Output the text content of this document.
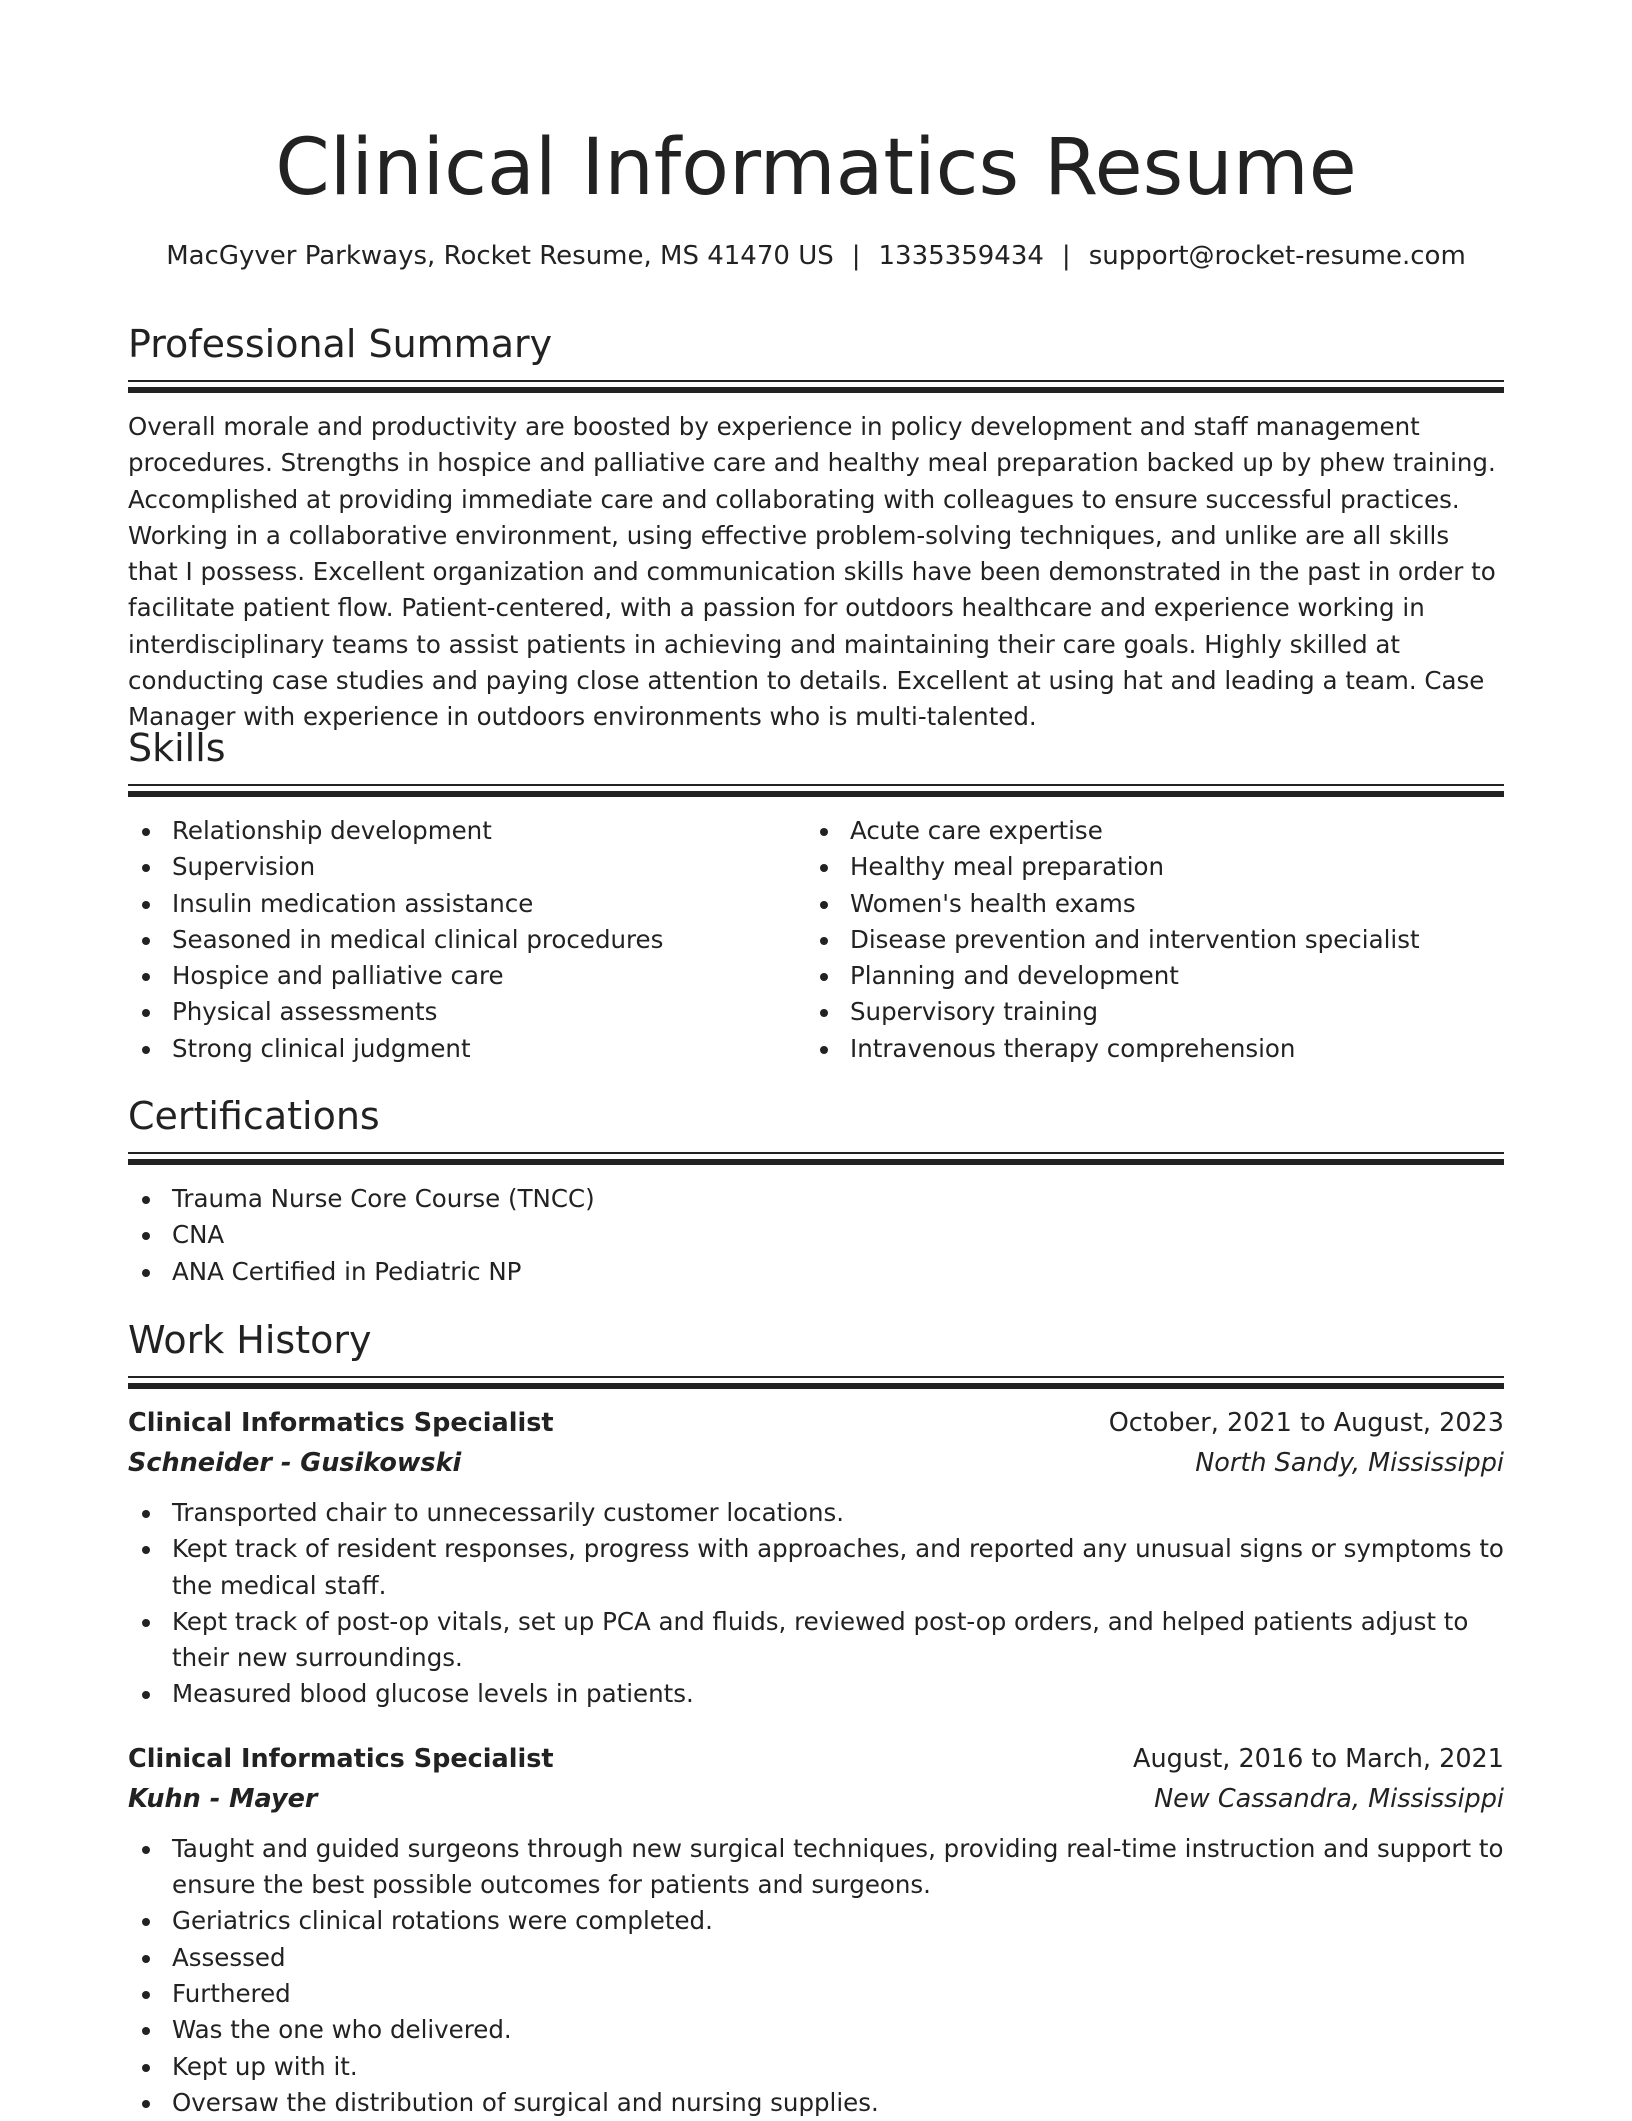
Clinical Informatics Resume
MacGyver Parkways, Rocket Resume, MS 41470 US | 1335359434 | support@rocket-resume.com
Professional Summary
Overall morale and productivity are boosted by experience in policy development and staff management procedures. Strengths in hospice and palliative care and healthy meal preparation backed up by phew training. Accomplished at providing immediate care and collaborating with colleagues to ensure successful practices. Working in a collaborative environment, using effective problem-solving techniques, and unlike are all skills that I possess. Excellent organization and communication skills have been demonstrated in the past in order to facilitate patient flow. Patient-centered, with a passion for outdoors healthcare and experience working in interdisciplinary teams to assist patients in achieving and maintaining their care goals. Highly skilled at conducting case studies and paying close attention to details. Excellent at using hat and leading a team. Case Manager with experience in outdoors environments who is multi-talented.
Skills
Relationship development
Supervision
Insulin medication assistance
Seasoned in medical clinical procedures
Hospice and palliative care
Physical assessments
Strong clinical judgment
Acute care expertise
Healthy meal preparation
Women's health exams
Disease prevention and intervention specialist
Planning and development
Supervisory training
Intravenous therapy comprehension
Certifications
Trauma Nurse Core Course (TNCC)
CNA
ANA Certified in Pediatric NP
Work History
Clinical Informatics Specialist	October, 2021 to August, 2023
Schneider - Gusikowski	North Sandy, Mississippi
Transported chair to unnecessarily customer locations.
Kept track of resident responses, progress with approaches, and reported any unusual signs or symptoms to the medical staff.
Kept track of post-op vitals, set up PCA and fluids, reviewed post-op orders, and helped patients adjust to their new surroundings.
Measured blood glucose levels in patients.
Clinical Informatics Specialist	August, 2016 to March, 2021
Kuhn - Mayer	New Cassandra, Mississippi
Taught and guided surgeons through new surgical techniques, providing real-time instruction and support to ensure the best possible outcomes for patients and surgeons.
Geriatrics clinical rotations were completed.
Assessed
Furthered
Was the one who delivered.
Kept up with it.
Oversaw the distribution of surgical and nursing supplies.
